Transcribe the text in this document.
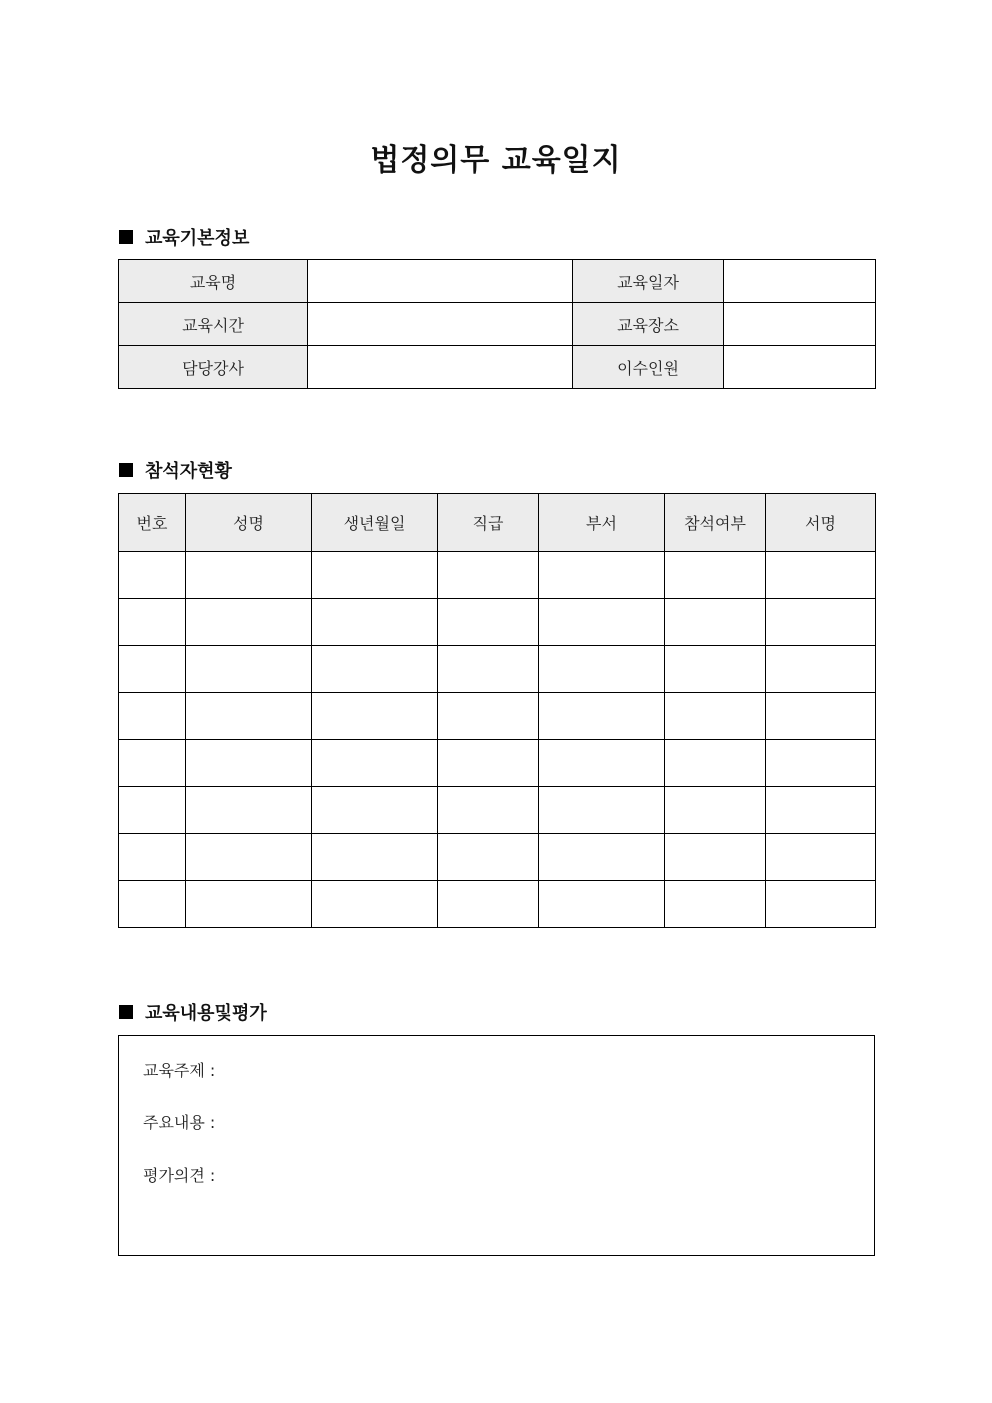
법정의무 교육일지
교육기본정보
교육명		교육일자	
교육시간		교육장소	
담당강사		이수인원	
참석자현황
번호	성명	생년월일	직급	부서	참석여부	서명

교육내용및평가
교육주제 :
주요내용 :
평가의견 :
